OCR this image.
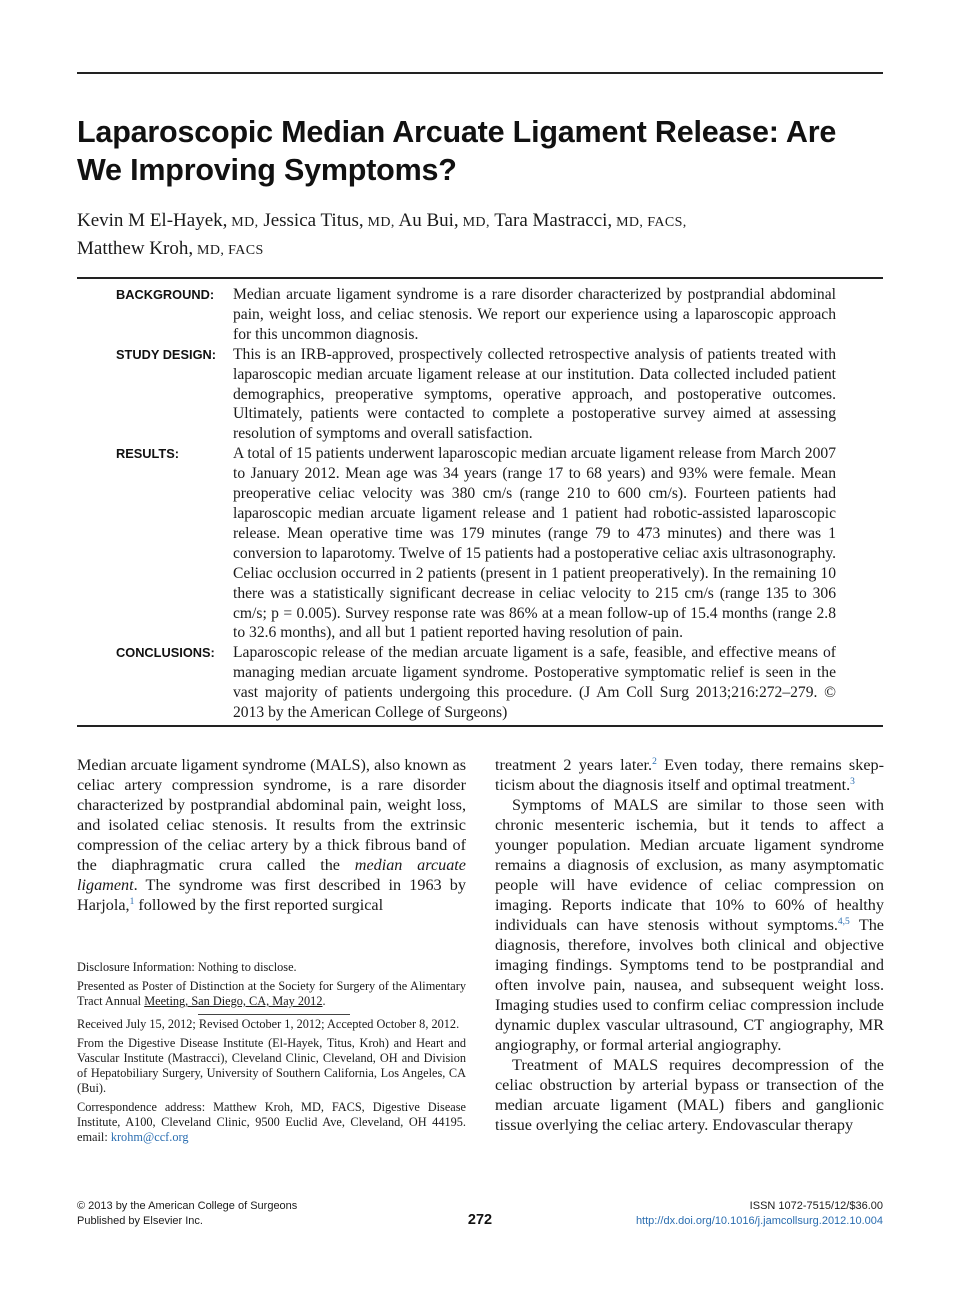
Laparoscopic Median Arcuate Ligament Release: Are We Improving Symptoms?
Kevin M El-Hayek, MD, Jessica Titus, MD, Au Bui, MD, Tara Mastracci, MD, FACS,
Matthew Kroh, MD, FACS
BACKGROUND:	Median arcuate ligament syndrome is a rare disorder characterized by postprandial abdominal pain, weight loss, and celiac stenosis. We report our experience using a laparoscopic approach for this uncommon diagnosis.
STUDY DESIGN:	This is an IRB-approved, prospectively collected retrospective analysis of patients treated with laparoscopic median arcuate ligament release at our institution. Data collected included patient demographics, preoperative symptoms, operative approach, and postoperative outcomes. Ultimately, patients were contacted to complete a postoperative survey aimed at assessing resolution of symptoms and overall satisfaction.
RESULTS:	A total of 15 patients underwent laparoscopic median arcuate ligament release from March 2007 to January 2012. Mean age was 34 years (range 17 to 68 years) and 93% were female. Mean preoperative celiac velocity was 380 cm/s (range 210 to 600 cm/s). Fourteen patients had laparoscopic median arcuate ligament release and 1 patient had robotic-assisted laparoscopic release. Mean operative time was 179 minutes (range 79 to 473 minutes) and there was 1 conversion to laparotomy. Twelve of 15 patients had a postoperative celiac axis ultrasonography. Celiac occlusion occurred in 2 patients (present in 1 patient preoperatively). In the remaining 10 there was a statistically significant decrease in celiac velocity to 215 cm/s (range 135 to 306 cm/s; p = 0.005). Survey response rate was 86% at a mean follow-up of 15.4 months (range 2.8 to 32.6 months), and all but 1 patient reported having resolution of pain.
CONCLUSIONS:	Laparoscopic release of the median arcuate ligament is a safe, feasible, and effective means of managing median arcuate ligament syndrome. Postoperative symptomatic relief is seen in the vast majority of patients undergoing this procedure. (J Am Coll Surg 2013;216:272–279. © 2013 by the American College of Surgeons)

Median arcuate ligament syndrome (MALS), also known as celiac artery compression syndrome, is a rare disorder characterized by postprandial abdominal pain, weight loss, and isolated celiac stenosis. It results from the extrinsic compression of the celiac artery by a thick fibrous band of the diaphragmatic crura called the median arcuate ligament. The syndrome was first described in 1963 by Harjola,$^1$ followed by the first reported surgical

Disclosure Information: Nothing to disclose.

Presented as Poster of Distinction at the Society for Surgery of the Alimentary Tract Annual Meeting, San Diego, CA, May 2012.

Received July 15, 2012; Revised October 1, 2012; Accepted October 8, 2012.

From the Digestive Disease Institute (El-Hayek, Titus, Kroh) and Heart and Vascular Institute (Mastracci), Cleveland Clinic, Cleveland, OH and Division of Hepatobiliary Surgery, University of Southern California, Los Angeles, CA (Bui).

Correspondence address: Matthew Kroh, MD, FACS, Digestive Disease Institute, A100, Cleveland Clinic, 9500 Euclid Ave, Cleveland, OH 44195. email: krohm@ccf.org

treatment 2 years later.$^2$ Even today, there remains skepticism about the diagnosis itself and optimal treatment.$^3$

Symptoms of MALS are similar to those seen with chronic mesenteric ischemia, but it tends to affect a younger population. Median arcuate ligament syndrome remains a diagnosis of exclusion, as many asymptomatic people will have evidence of celiac compression on imaging. Reports indicate that 10% to 60% of healthy individuals can have stenosis without symptoms.$^{4,5}$ The diagnosis, therefore, involves both clinical and objective imaging findings. Symptoms tend to be postprandial and often involve pain, nausea, and subsequent weight loss. Imaging studies used to confirm celiac compression include dynamic duplex vascular ultrasound, CT angiography, MR angiography, or formal arterial angiography.

Treatment of MALS requires decompression of the celiac obstruction by arterial bypass or transection of the median arcuate ligament (MAL) fibers and ganglionic tissue overlying the celiac artery. Endovascular therapy

© 2013 by the American College of Surgeons
Published by Elsevier Inc.	272
ISSN 1072-7515/12/$36.00
http://dx.doi.org/10.1016/j.jamcollsurg.2012.10.004
